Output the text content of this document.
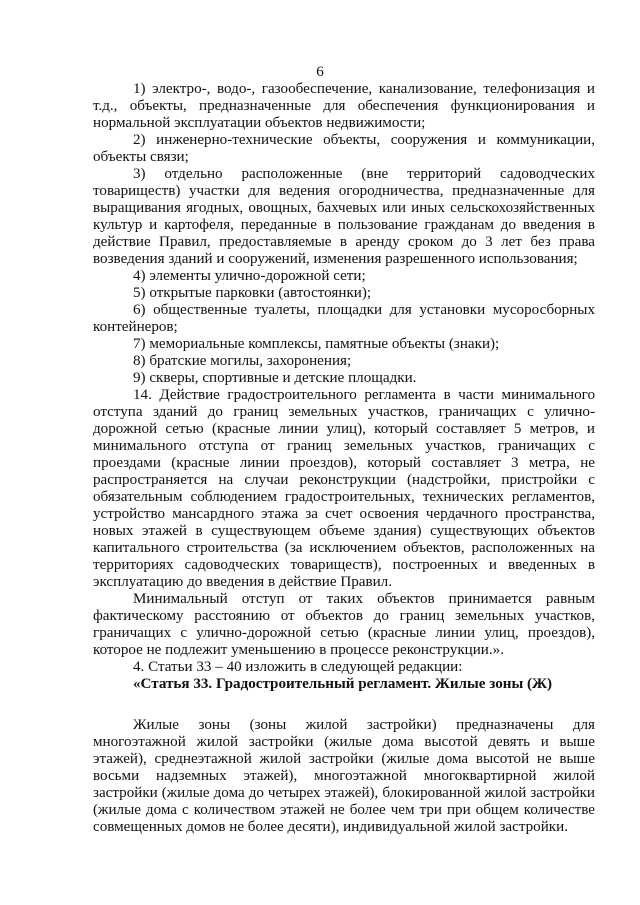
6

1) электро-, водо-, газообеспечение, канализование, телефонизация и т.д., объекты, предназначенные для обеспечения функционирования и нормальной эксплуатации объектов недвижимости;

2) инженерно-технические объекты, сооружения и коммуникации, объекты связи;

3) отдельно расположенные (вне территорий садоводческих товариществ) участки для ведения огородничества, предназначенные для выращивания ягодных, овощных, бахчевых или иных сельскохозяйственных культур и картофеля, переданные в пользование гражданам до введения в действие Правил, предоставляемые в аренду сроком до 3 лет без права возведения зданий и сооружений, изменения разрешенного использования;

4) элементы улично-дорожной сети;

5) открытые парковки (автостоянки);

6) общественные туалеты, площадки для установки мусоросборных контейнеров;

7) мемориальные комплексы, памятные объекты (знаки);

8) братские могилы, захоронения;

9) скверы, спортивные и детские площадки.

14. Действие градостроительного регламента в части минимального отступа зданий до границ земельных участков, граничащих с улично-дорожной сетью (красные линии улиц), который составляет 5 метров, и минимального отступа от границ земельных участков, граничащих с проездами (красные линии проездов), который составляет 3 метра, не распространяется на случаи реконструкции (надстройки, пристройки с обязательным соблюдением градостроительных, технических регламентов, устройство мансардного этажа за счет освоения чердачного пространства, новых этажей в существующем объеме здания) существующих объектов капитального строительства (за исключением объектов, расположенных на территориях садоводческих товариществ), построенных и введенных в эксплуатацию до введения в действие Правил.

Минимальный отступ от таких объектов принимается равным фактическому расстоянию от объектов до границ земельных участков, граничащих с улично-дорожной сетью (красные линии улиц, проездов), которое не подлежит уменьшению в процессе реконструкции.».

4. Статьи 33 – 40 изложить в следующей редакции:

«Статья 33. Градостроительный регламент. Жилые зоны (Ж)

Жилые зоны (зоны жилой застройки) предназначены для многоэтажной жилой застройки (жилые дома высотой девять и выше этажей), среднеэтажной жилой застройки (жилые дома высотой не выше восьми надземных этажей), многоэтажной многоквартирной жилой застройки (жилые дома до четырех этажей), блокированной жилой застройки (жилые дома с количеством этажей не более чем три при общем количестве совмещенных домов не более десяти), индивидуальной жилой застройки.
